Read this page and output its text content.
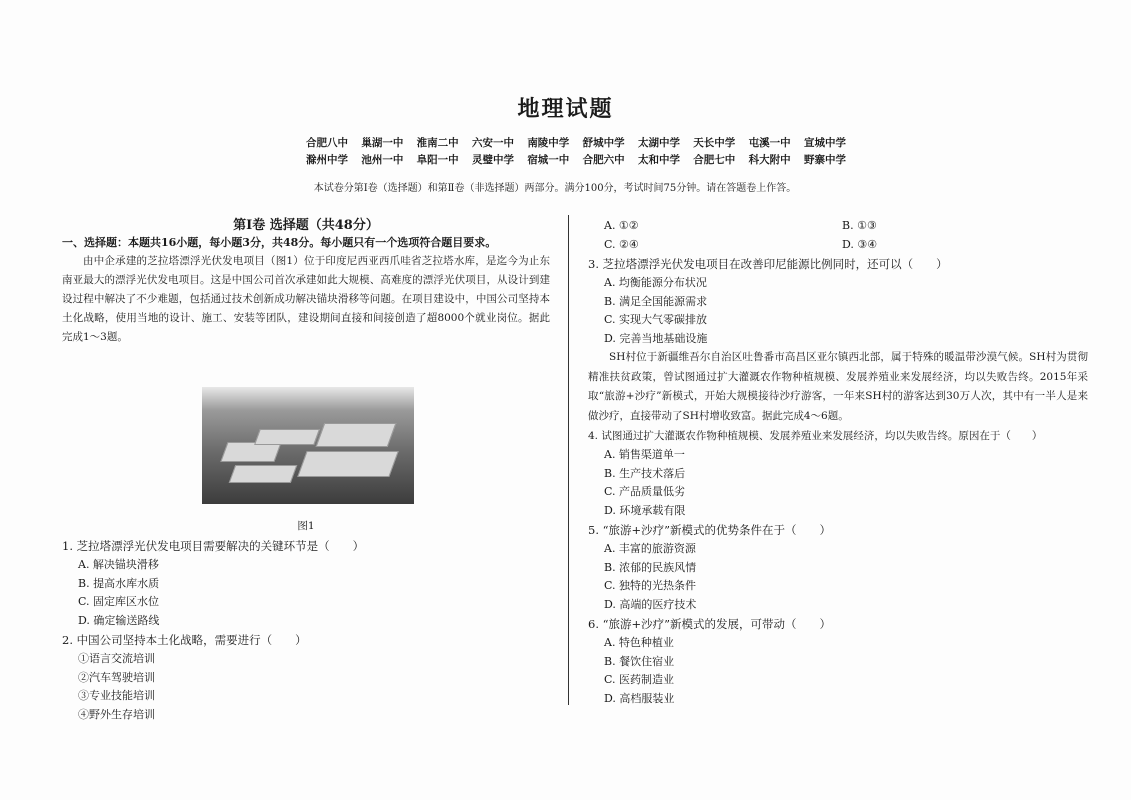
地理试题
合肥八中 巢湖一中 淮南二中 六安一中 南陵中学 舒城中学 太湖中学 天长中学 屯溪一中 宣城中学
滁州中学 池州一中 阜阳一中 灵璧中学 宿城一中 合肥六中 太和中学 合肥七中 科大附中 野寨中学
本试卷分第Ⅰ卷（选择题）和第Ⅱ卷（非选择题）两部分。满分100分，考试时间75分钟。请在答题卷上作答。
第Ⅰ卷 选择题（共48分）
一、选择题：本题共16小题，每小题3分，共48分。每小题只有一个选项符合题目要求。
由中企承建的芝拉塔漂浮光伏发电项目（图1）位于印度尼西亚西爪哇省芝拉塔水库，是迄今为止东南亚最大的漂浮光伏发电项目。这是中国公司首次承建如此大规模、高难度的漂浮光伏项目，从设计到建设过程中解决了不少难题，包括通过技术创新成功解决锚块滑移等问题。在项目建设中，中国公司坚持本土化战略，使用当地的设计、施工、安装等团队，建设期间直接和间接创造了超8000个就业岗位。据此完成1～3题。
图1
1. 芝拉塔漂浮光伏发电项目需要解决的关键环节是（　　）
A. 解决锚块滑移
B. 提高水库水质
C. 固定库区水位
D. 确定输送路线
2. 中国公司坚持本土化战略，需要进行（　　）
①语言交流培训
②汽车驾驶培训
③专业技能培训
④野外生存培训
A. ①②	B. ①③
C. ②④	D. ③④
3. 芝拉塔漂浮光伏发电项目在改善印尼能源比例同时，还可以（　　）
A. 均衡能源分布状况
B. 满足全国能源需求
C. 实现大气零碳排放
D. 完善当地基础设施
SH村位于新疆维吾尔自治区吐鲁番市高昌区亚尔镇西北部，属于特殊的暖温带沙漠气候。SH村为贯彻精准扶贫政策，曾试图通过扩大灌溉农作物种植规模、发展养殖业来发展经济，均以失败告终。2015年采取“旅游+沙疗”新模式，开始大规模接待沙疗游客，一年来SH村的游客达到30万人次，其中有一半人是来做沙疗，直接带动了SH村增收致富。据此完成4～6题。
4. 试图通过扩大灌溉农作物种植规模、发展养殖业来发展经济，均以失败告终。原因在于（　　）
A. 销售渠道单一
B. 生产技术落后
C. 产品质量低劣
D. 环境承载有限
5. “旅游+沙疗”新模式的优势条件在于（　　）
A. 丰富的旅游资源
B. 浓郁的民族风情
C. 独特的光热条件
D. 高端的医疗技术
6. “旅游+沙疗”新模式的发展，可带动（　　）
A. 特色种植业
B. 餐饮住宿业
C. 医药制造业
D. 高档服装业
